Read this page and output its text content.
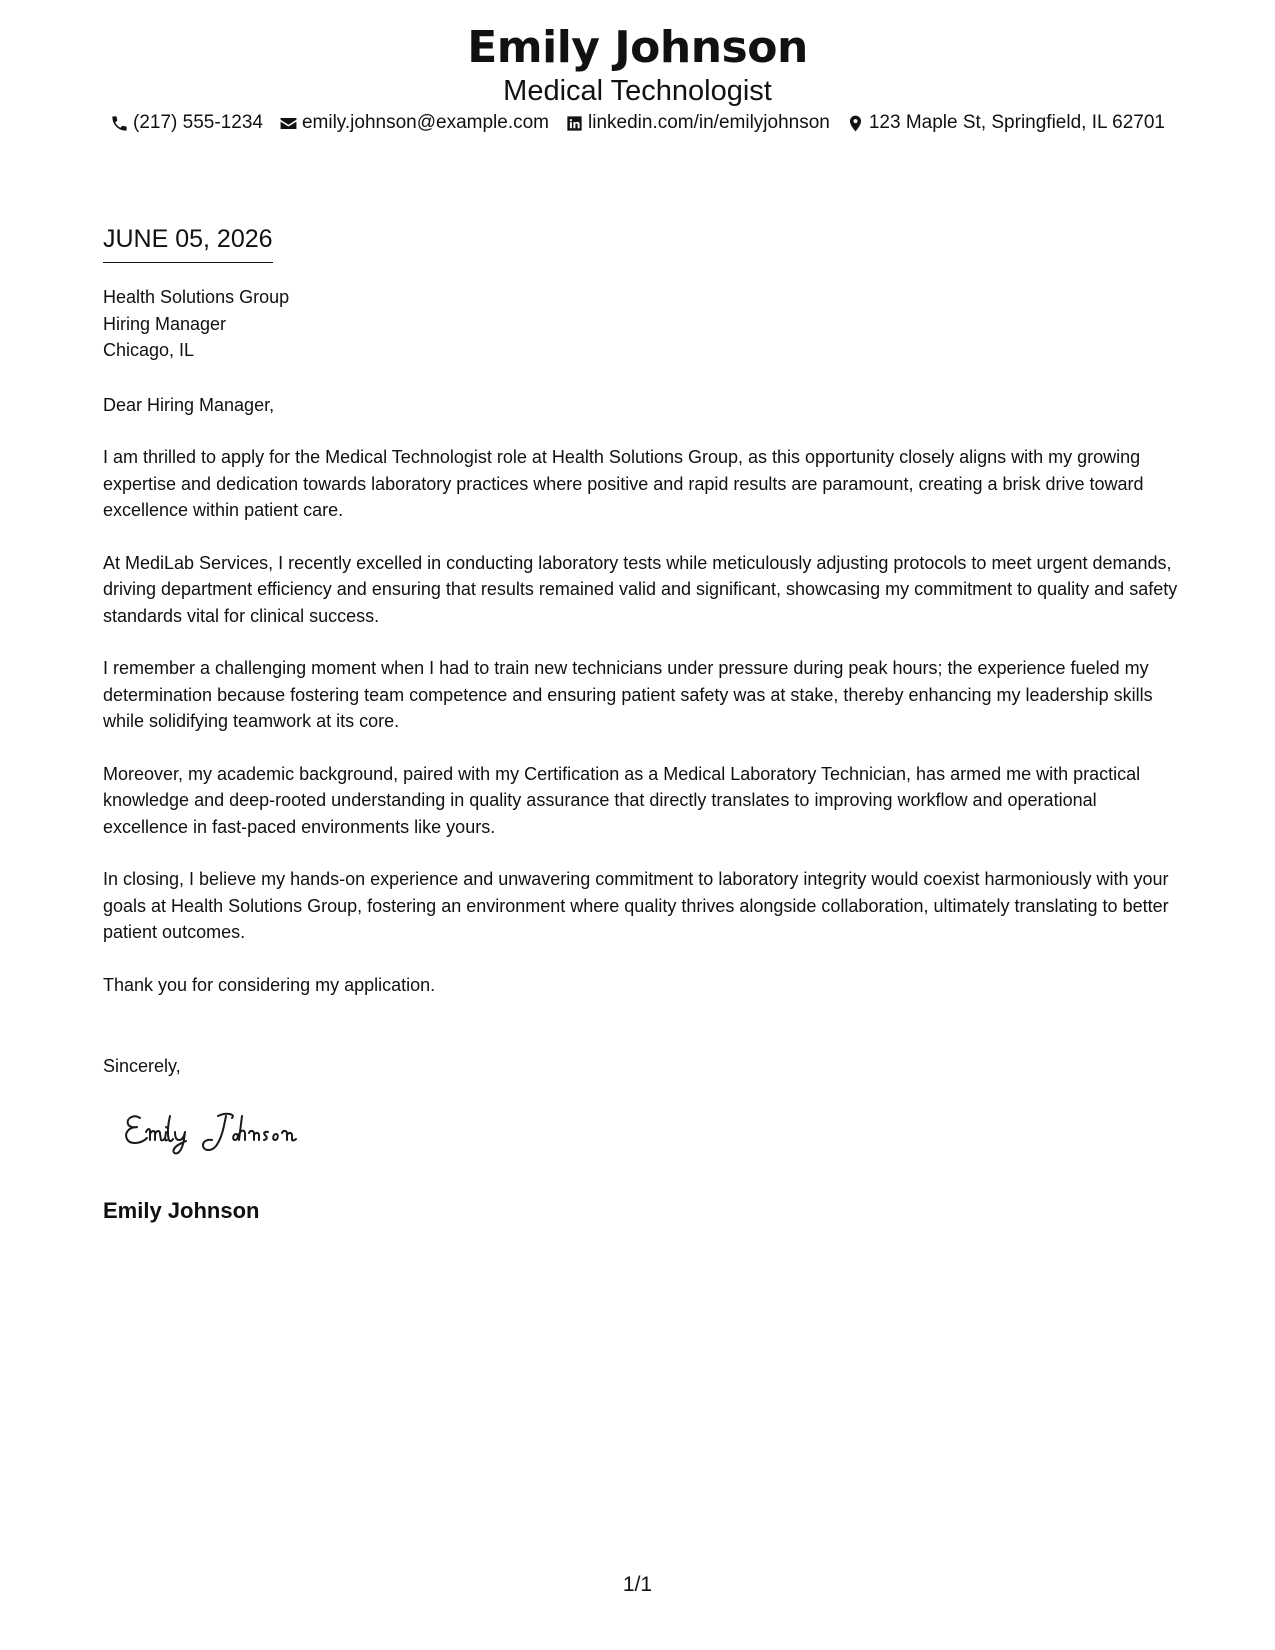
Emily Johnson
Medical Technologist
(217) 555-1234 emily.johnson@example.com linkedin.com/in/emilyjohnson 123 Maple St, Springfield, IL 62701
JUNE 05, 2026
Health Solutions Group
Hiring Manager
Chicago, IL

Dear Hiring Manager,

I am thrilled to apply for the Medical Technologist role at Health Solutions Group, as this opportunity closely aligns with my growing expertise and dedication towards laboratory practices where positive and rapid results are paramount, creating a brisk drive toward excellence within patient care.

At MediLab Services, I recently excelled in conducting laboratory tests while meticulously adjusting protocols to meet urgent demands, driving department efficiency and ensuring that results remained valid and significant, showcasing my commitment to quality and safety standards vital for clinical success.

I remember a challenging moment when I had to train new technicians under pressure during peak hours; the experience fueled my determination because fostering team competence and ensuring patient safety was at stake, thereby enhancing my leadership skills while solidifying teamwork at its core.

Moreover, my academic background, paired with my Certification as a Medical Laboratory Technician, has armed me with practical knowledge and deep-rooted understanding in quality assurance that directly translates to improving workflow and operational excellence in fast-paced environments like yours.

In closing, I believe my hands-on experience and unwavering commitment to laboratory integrity would coexist harmoniously with your goals at Health Solutions Group, fostering an environment where quality thrives alongside collaboration, ultimately translating to better patient outcomes.

Thank you for considering my application.

Sincerely,
Emily Johnson
1/1
